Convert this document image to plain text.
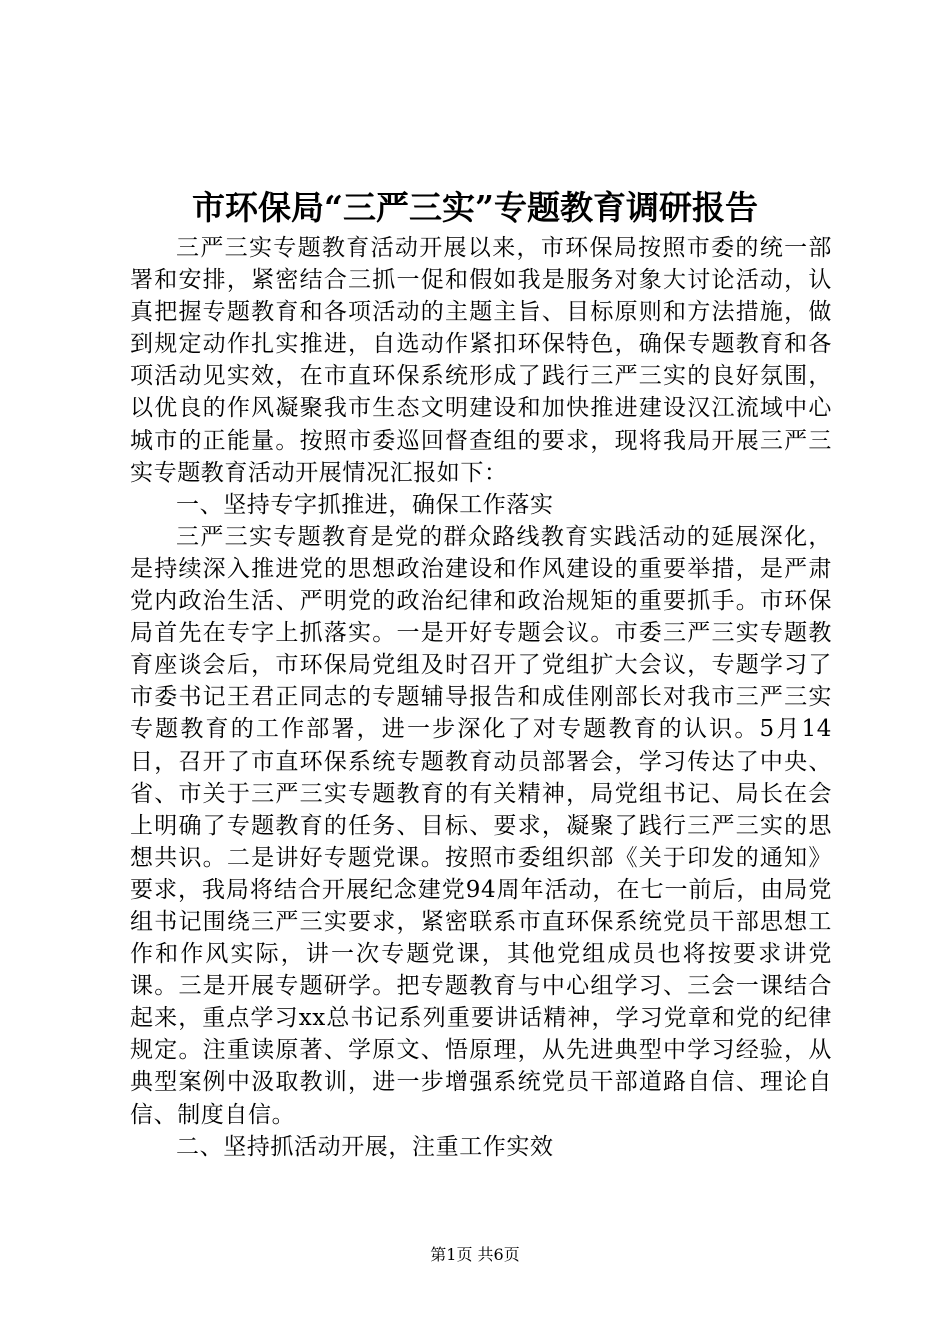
市环保局“三严三实”专题教育调研报告

三严三实专题教育活动开展以来，市环保局按照市委的统一部署和安排，紧密结合三抓一促和假如我是服务对象大讨论活动，认真把握专题教育和各项活动的主题主旨、目标原则和方法措施，做到规定动作扎实推进，自选动作紧扣环保特色，确保专题教育和各项活动见实效，在市直环保系统形成了践行三严三实的良好氛围，以优良的作风凝聚我市生态文明建设和加快推进建设汉江流域中心城市的正能量。按照市委巡回督查组的要求，现将我局开展三严三实专题教育活动开展情况汇报如下：

一、坚持专字抓推进，确保工作落实

三严三实专题教育是党的群众路线教育实践活动的延展深化，是持续深入推进党的思想政治建设和作风建设的重要举措，是严肃党内政治生活、严明党的政治纪律和政治规矩的重要抓手。市环保局首先在专字上抓落实。一是开好专题会议。市委三严三实专题教育座谈会后，市环保局党组及时召开了党组扩大会议，专题学习了市委书记王君正同志的专题辅导报告和成佳刚部长对我市三严三实专题教育的工作部署，进一步深化了对专题教育的认识。5月14日，召开了市直环保系统专题教育动员部署会，学习传达了中央、省、市关于三严三实专题教育的有关精神，局党组书记、局长在会上明确了专题教育的任务、目标、要求，凝聚了践行三严三实的思想共识。二是讲好专题党课。按照市委组织部《关于印发的通知》要求，我局将结合开展纪念建党94周年活动，在七一前后，由局党组书记围绕三严三实要求，紧密联系市直环保系统党员干部思想工作和作风实际，讲一次专题党课，其他党组成员也将按要求讲党课。三是开展专题研学。把专题教育与中心组学习、三会一课结合起来，重点学习xx总书记系列重要讲话精神，学习党章和党的纪律规定。注重读原著、学原文、悟原理，从先进典型中学习经验，从典型案例中汲取教训，进一步增强系统党员干部道路自信、理论自信、制度自信。

二、坚持抓活动开展，注重工作实效

第1页 共6页
